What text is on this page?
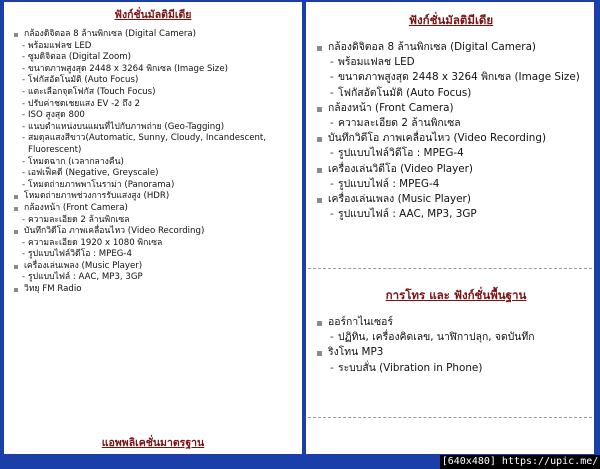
ฟังก์ชั่นมัลติมีเดีย
กล้องดิจิตอล 8 ล้านพิกเซล (Digital Camera)
- พร้อมแฟลช LED
- ซูมดิจิตอล (Digital Zoom)
- ขนาดภาพสูงสุด 2448 x 3264 พิกเซล (Image Size)
- โฟกัสอัตโนมัติ (Auto Focus)
- แตะเลือกจุดโฟกัส (Touch Focus)
- ปรับค่าชดเชยแสง EV -2 ถึง 2
- ISO สูงสุด 800
- แนบตำแหน่งบนแผนที่ไปกับภาพถ่าย (Geo-Tagging)
- สมดุลแสงสีขาว(Automatic, Sunny, Cloudy, Incandescent, Fluorescent)
- โหมดฉาก (เวลากลางคืน)
- เอฟเฟ็คดี (Negative, Greyscale)
- โหมดถ่ายภาพพาโนราม่า (Panorama)
โหมดถ่ายภาพช่วงการรับแสงสูง (HDR)
กล้องหน้า (Front Camera)
- ความละเอียด 2 ล้านพิกเซล
บันทึกวิดีโอ ภาพเคลื่อนไหว (Video Recording)
- ความละเอียด 1920 x 1080 พิกเซล
- รูปแบบไฟล์วิดีโอ : MPEG-4
เครื่องเล่นเพลง (Music Player)
- รูปแบบไฟล์ : AAC, MP3, 3GP
วิทยุ FM Radio
ฟังก์ชั่นมัลติมีเดีย
กล้องดิจิตอล 8 ล้านพิกเซล (Digital Camera)
- พร้อมแฟลช LED
- ขนาดภาพสูงสุด 2448 x 3264 พิกเซล (Image Size)
- โฟกัสอัตโนมัติ (Auto Focus)
กล้องหน้า (Front Camera)
- ความละเอียด 2 ล้านพิกเซล
บันทึกวิดีโอ ภาพเคลื่อนไหว (Video Recording)
- รูปแบบไฟล์วิดีโอ : MPEG-4
เครื่องเล่นวิดีโอ (Video Player)
- รูปแบบไฟล์ : MPEG-4
เครื่องเล่นเพลง (Music Player)
- รูปแบบไฟล์ : AAC, MP3, 3GP
การโทร และ ฟังก์ชั่นพื้นฐาน
ออร์กาไนเซอร์
- ปฏิทิน, เครื่องคิดเลข, นาฬิกาปลุก, จดบันทึก
ริงโทน MP3
- ระบบสั่น (Vibration in Phone)
แอพพลิเคชั่นมาตรฐาน
[640x480] https://upic.me/
